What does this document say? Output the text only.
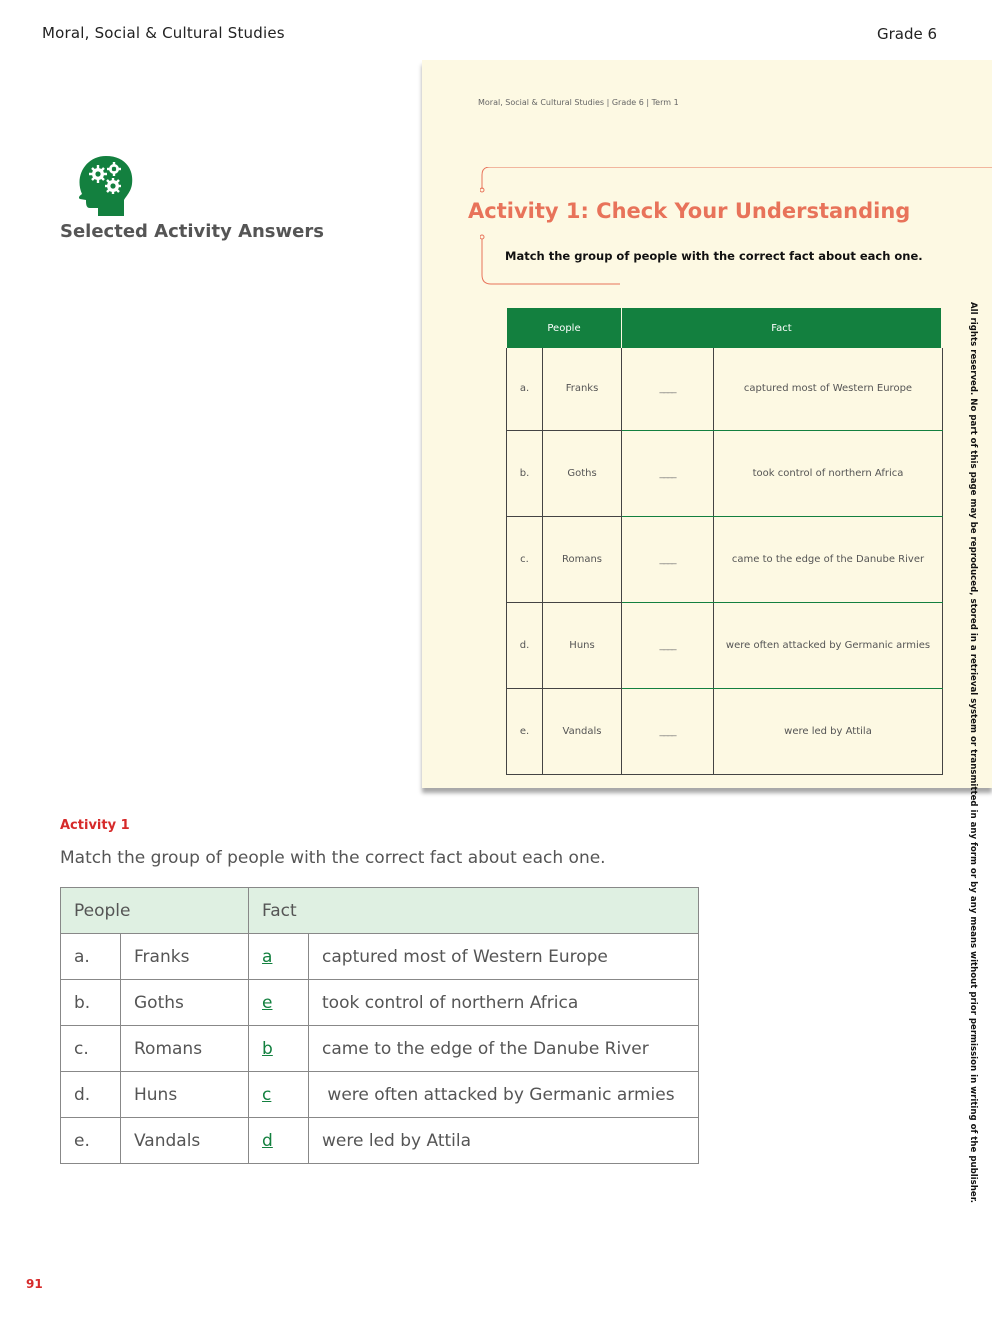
Moral, Social & Cultural Studies	Grade 6
Selected Activity Answers
Moral, Social & Cultural Studies | Grade 6 | Term 1
Activity 1: Check Your Understanding
Match the group of people with the correct fact about each one.
People	Fact
a.	Franks	____	captured most of Western Europe
b.	Goths	____	took control of northern Africa
c.	Romans	____	came to the edge of the Danube River
d.	Huns	____	were often attacked by Germanic armies
e.	Vandals	____	were led by Attila	All rights reserved. No part of this page may be reproduced, stored in a retrieval system or transmitted in any form or by any means without prior permission in writing of the publisher.
Activity 1
Match the group of people with the correct fact about each one.
People		Fact	
a.	Franks	a	captured most of Western Europe
b.	Goths	e	took control of northern Africa
c.	Romans	b	came to the edge of the Danube River
d.	Huns	c	were often attacked by Germanic armies
e.	Vandals	d	were led by Attila
91
